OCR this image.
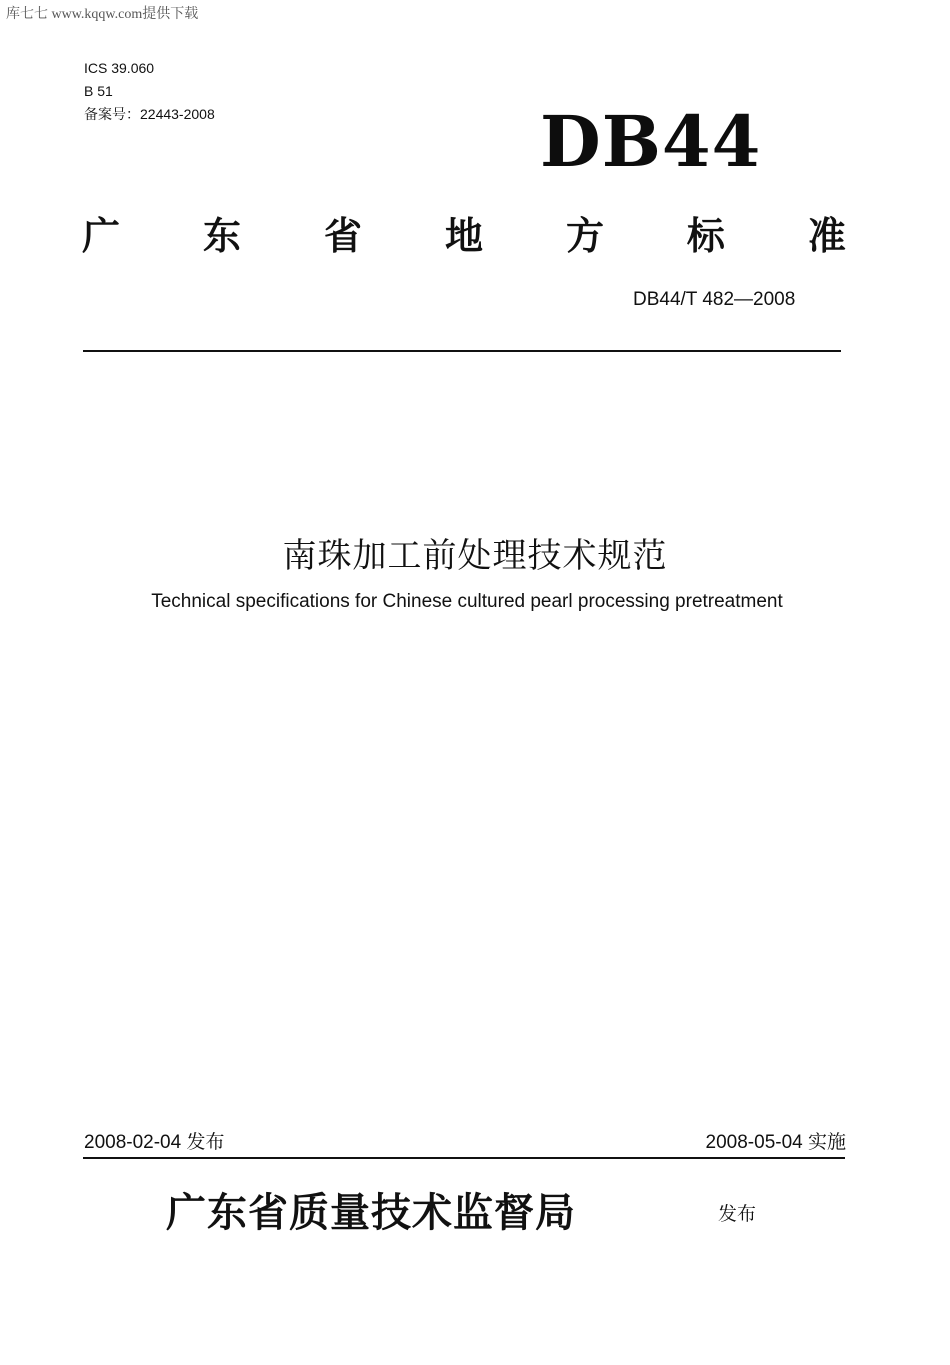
库七七 www.kqqw.com提供下载
ICS 39.060
B 51
备案号：22443-2008	DB44
广 东 省 地 方 标 准
DB44/T 482—2008
南珠加工前处理技术规范
Technical specifications for Chinese cultured pearl processing pretreatment
2008-02-04 发布	2008-05-04 实施
广东省质量技术监督局	发布
